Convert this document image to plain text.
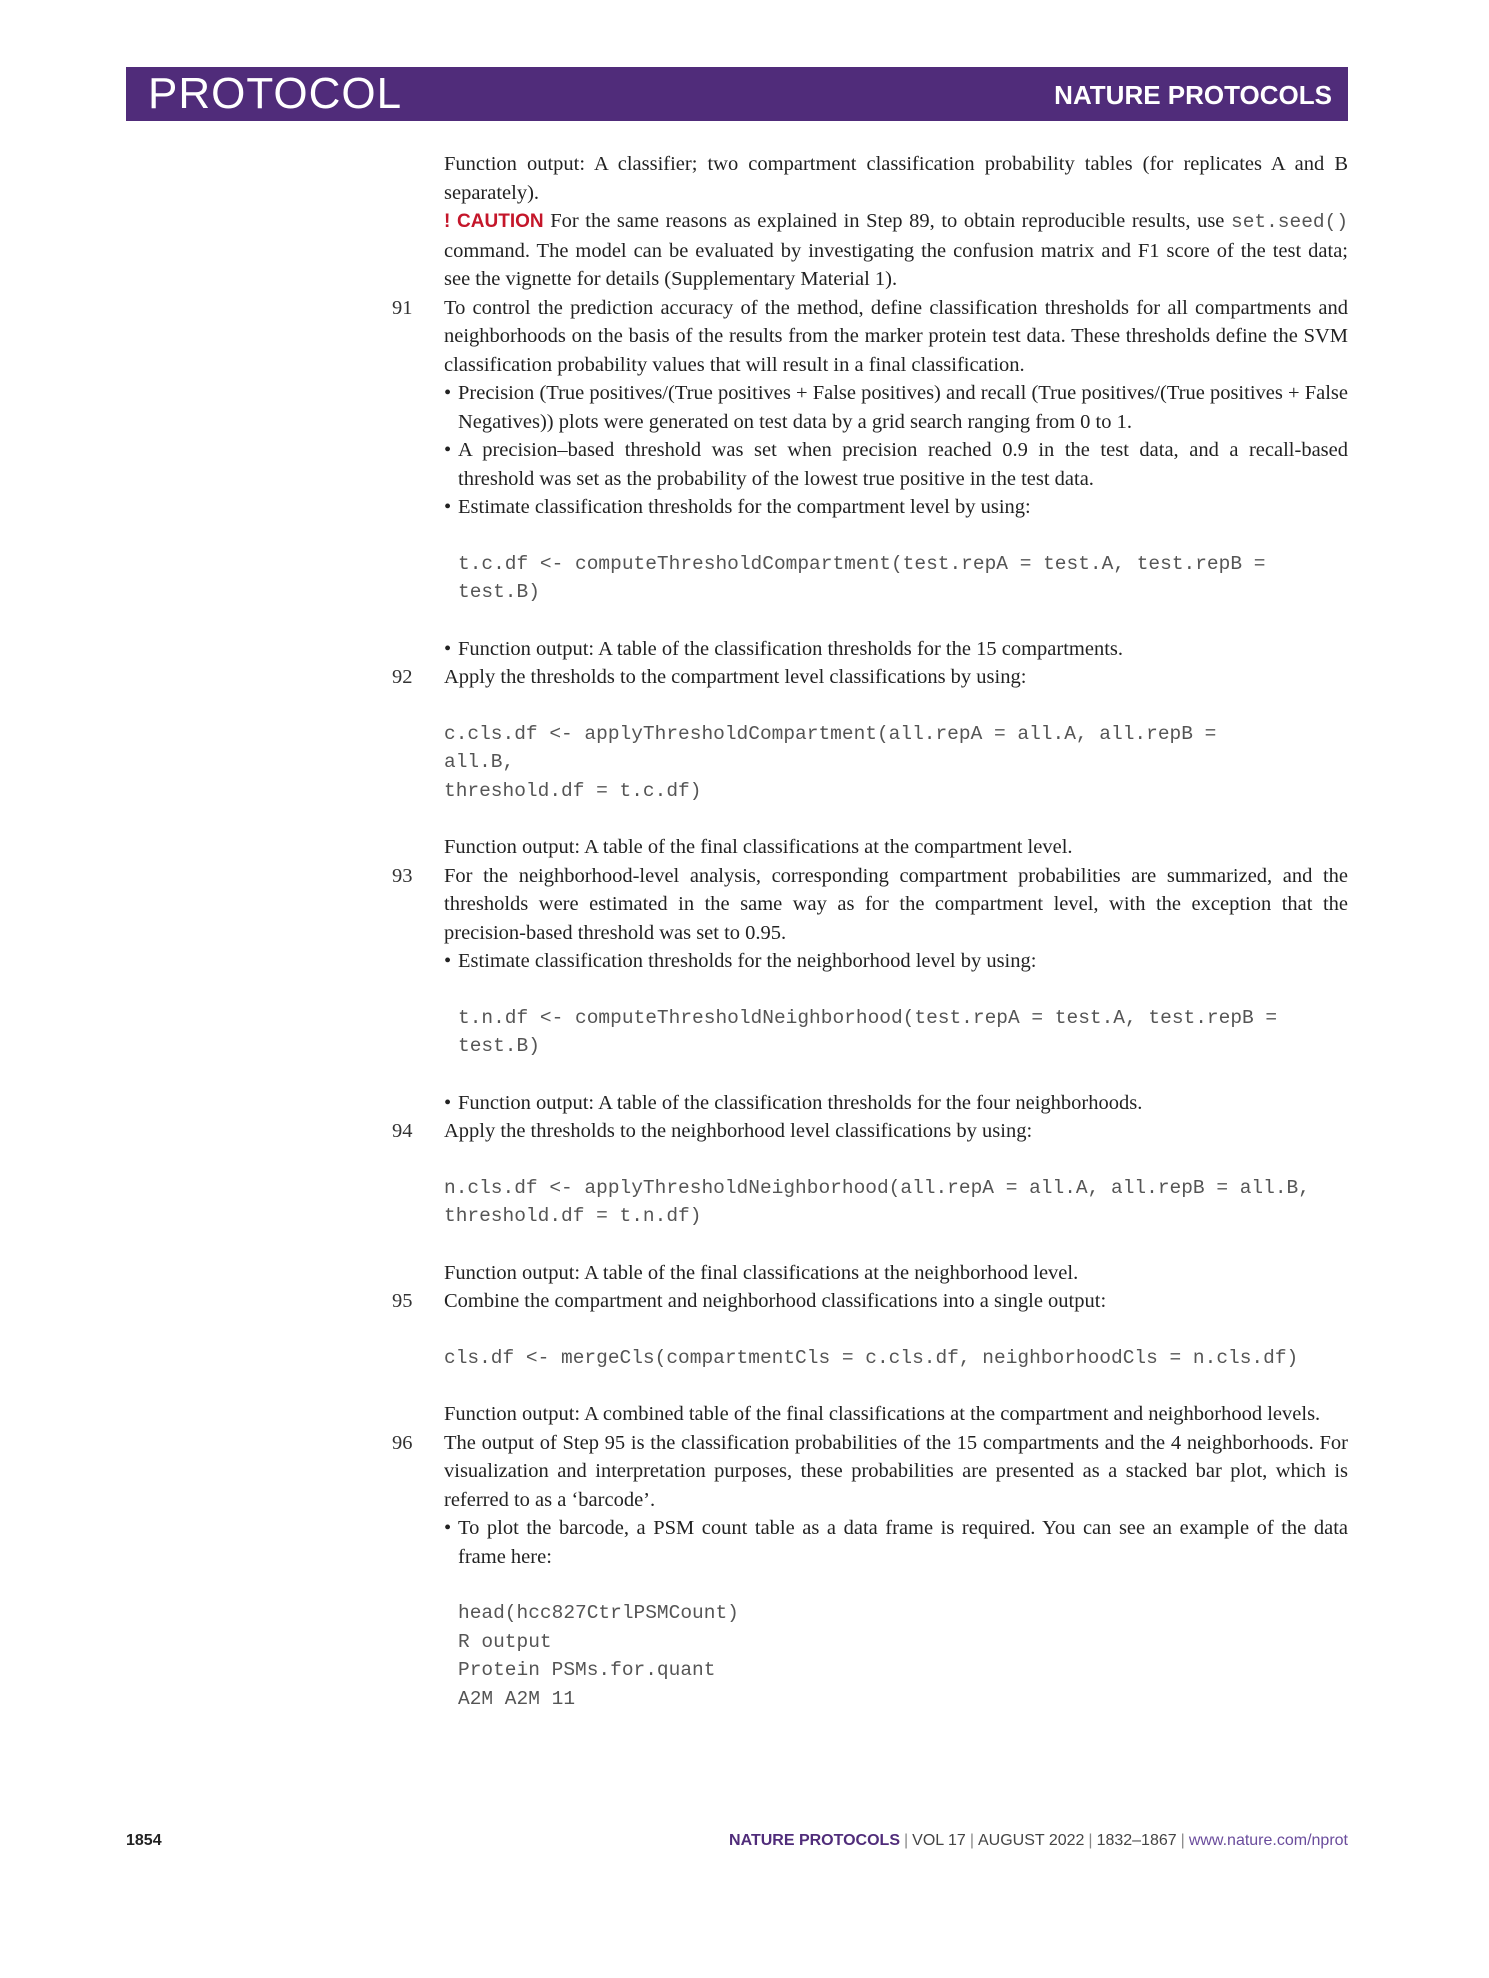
PROTOCOL	NATURE PROTOCOLS
Function output: A classifier; two compartment classification probability tables (for replicates A and B separately).
! CAUTION For the same reasons as explained in Step 89, to obtain reproducible results, use set.seed() command. The model can be evaluated by investigating the confusion matrix and F1 score of the test data; see the vignette for details (Supplementary Material 1).
91	To control the prediction accuracy of the method, define classification thresholds for all compartments and neighborhoods on the basis of the results from the marker protein test data. These thresholds define the SVM classification probability values that will result in a final classification.
• Precision (True positives/(True positives + False positives) and recall (True positives/(True positives + False Negatives)) plots were generated on test data by a grid search ranging from 0 to 1.
• A precision–based threshold was set when precision reached 0.9 in the test data, and a recall-based threshold was set as the probability of the lowest true positive in the test data.
• Estimate classification thresholds for the compartment level by using:
t.c.df <- computeThresholdCompartment(test.repA = test.A, test.repB = test.B)
• Function output: A table of the classification thresholds for the 15 compartments.
92	Apply the thresholds to the compartment level classifications by using:
c.cls.df <- applyThresholdCompartment(all.repA = all.A, all.repB =
all.B,
threshold.df = t.c.df)
Function output: A table of the final classifications at the compartment level.
93	For the neighborhood-level analysis, corresponding compartment probabilities are summarized, and the thresholds were estimated in the same way as for the compartment level, with the exception that the precision-based threshold was set to 0.95.
• Estimate classification thresholds for the neighborhood level by using:
t.n.df <- computeThresholdNeighborhood(test.repA = test.A, test.repB = test.B)
• Function output: A table of the classification thresholds for the four neighborhoods.
94	Apply the thresholds to the neighborhood level classifications by using:
n.cls.df <- applyThresholdNeighborhood(all.repA = all.A, all.repB = all.B,
threshold.df = t.n.df)
Function output: A table of the final classifications at the neighborhood level.
95	Combine the compartment and neighborhood classifications into a single output:
cls.df <- mergeCls(compartmentCls = c.cls.df, neighborhoodCls = n.cls.df)
Function output: A combined table of the final classifications at the compartment and neighborhood levels.
96	The output of Step 95 is the classification probabilities of the 15 compartments and the 4 neighborhoods. For visualization and interpretation purposes, these probabilities are presented as a stacked bar plot, which is referred to as a ‘barcode’.
• To plot the barcode, a PSM count table as a data frame is required. You can see an example of the data frame here:
head(hcc827CtrlPSMCount)
R output
Protein PSMs.for.quant
A2M A2M 11
1854	NATURE PROTOCOLS | VOL 17 | AUGUST 2022 | 1832–1867 | www.nature.com/nprot
